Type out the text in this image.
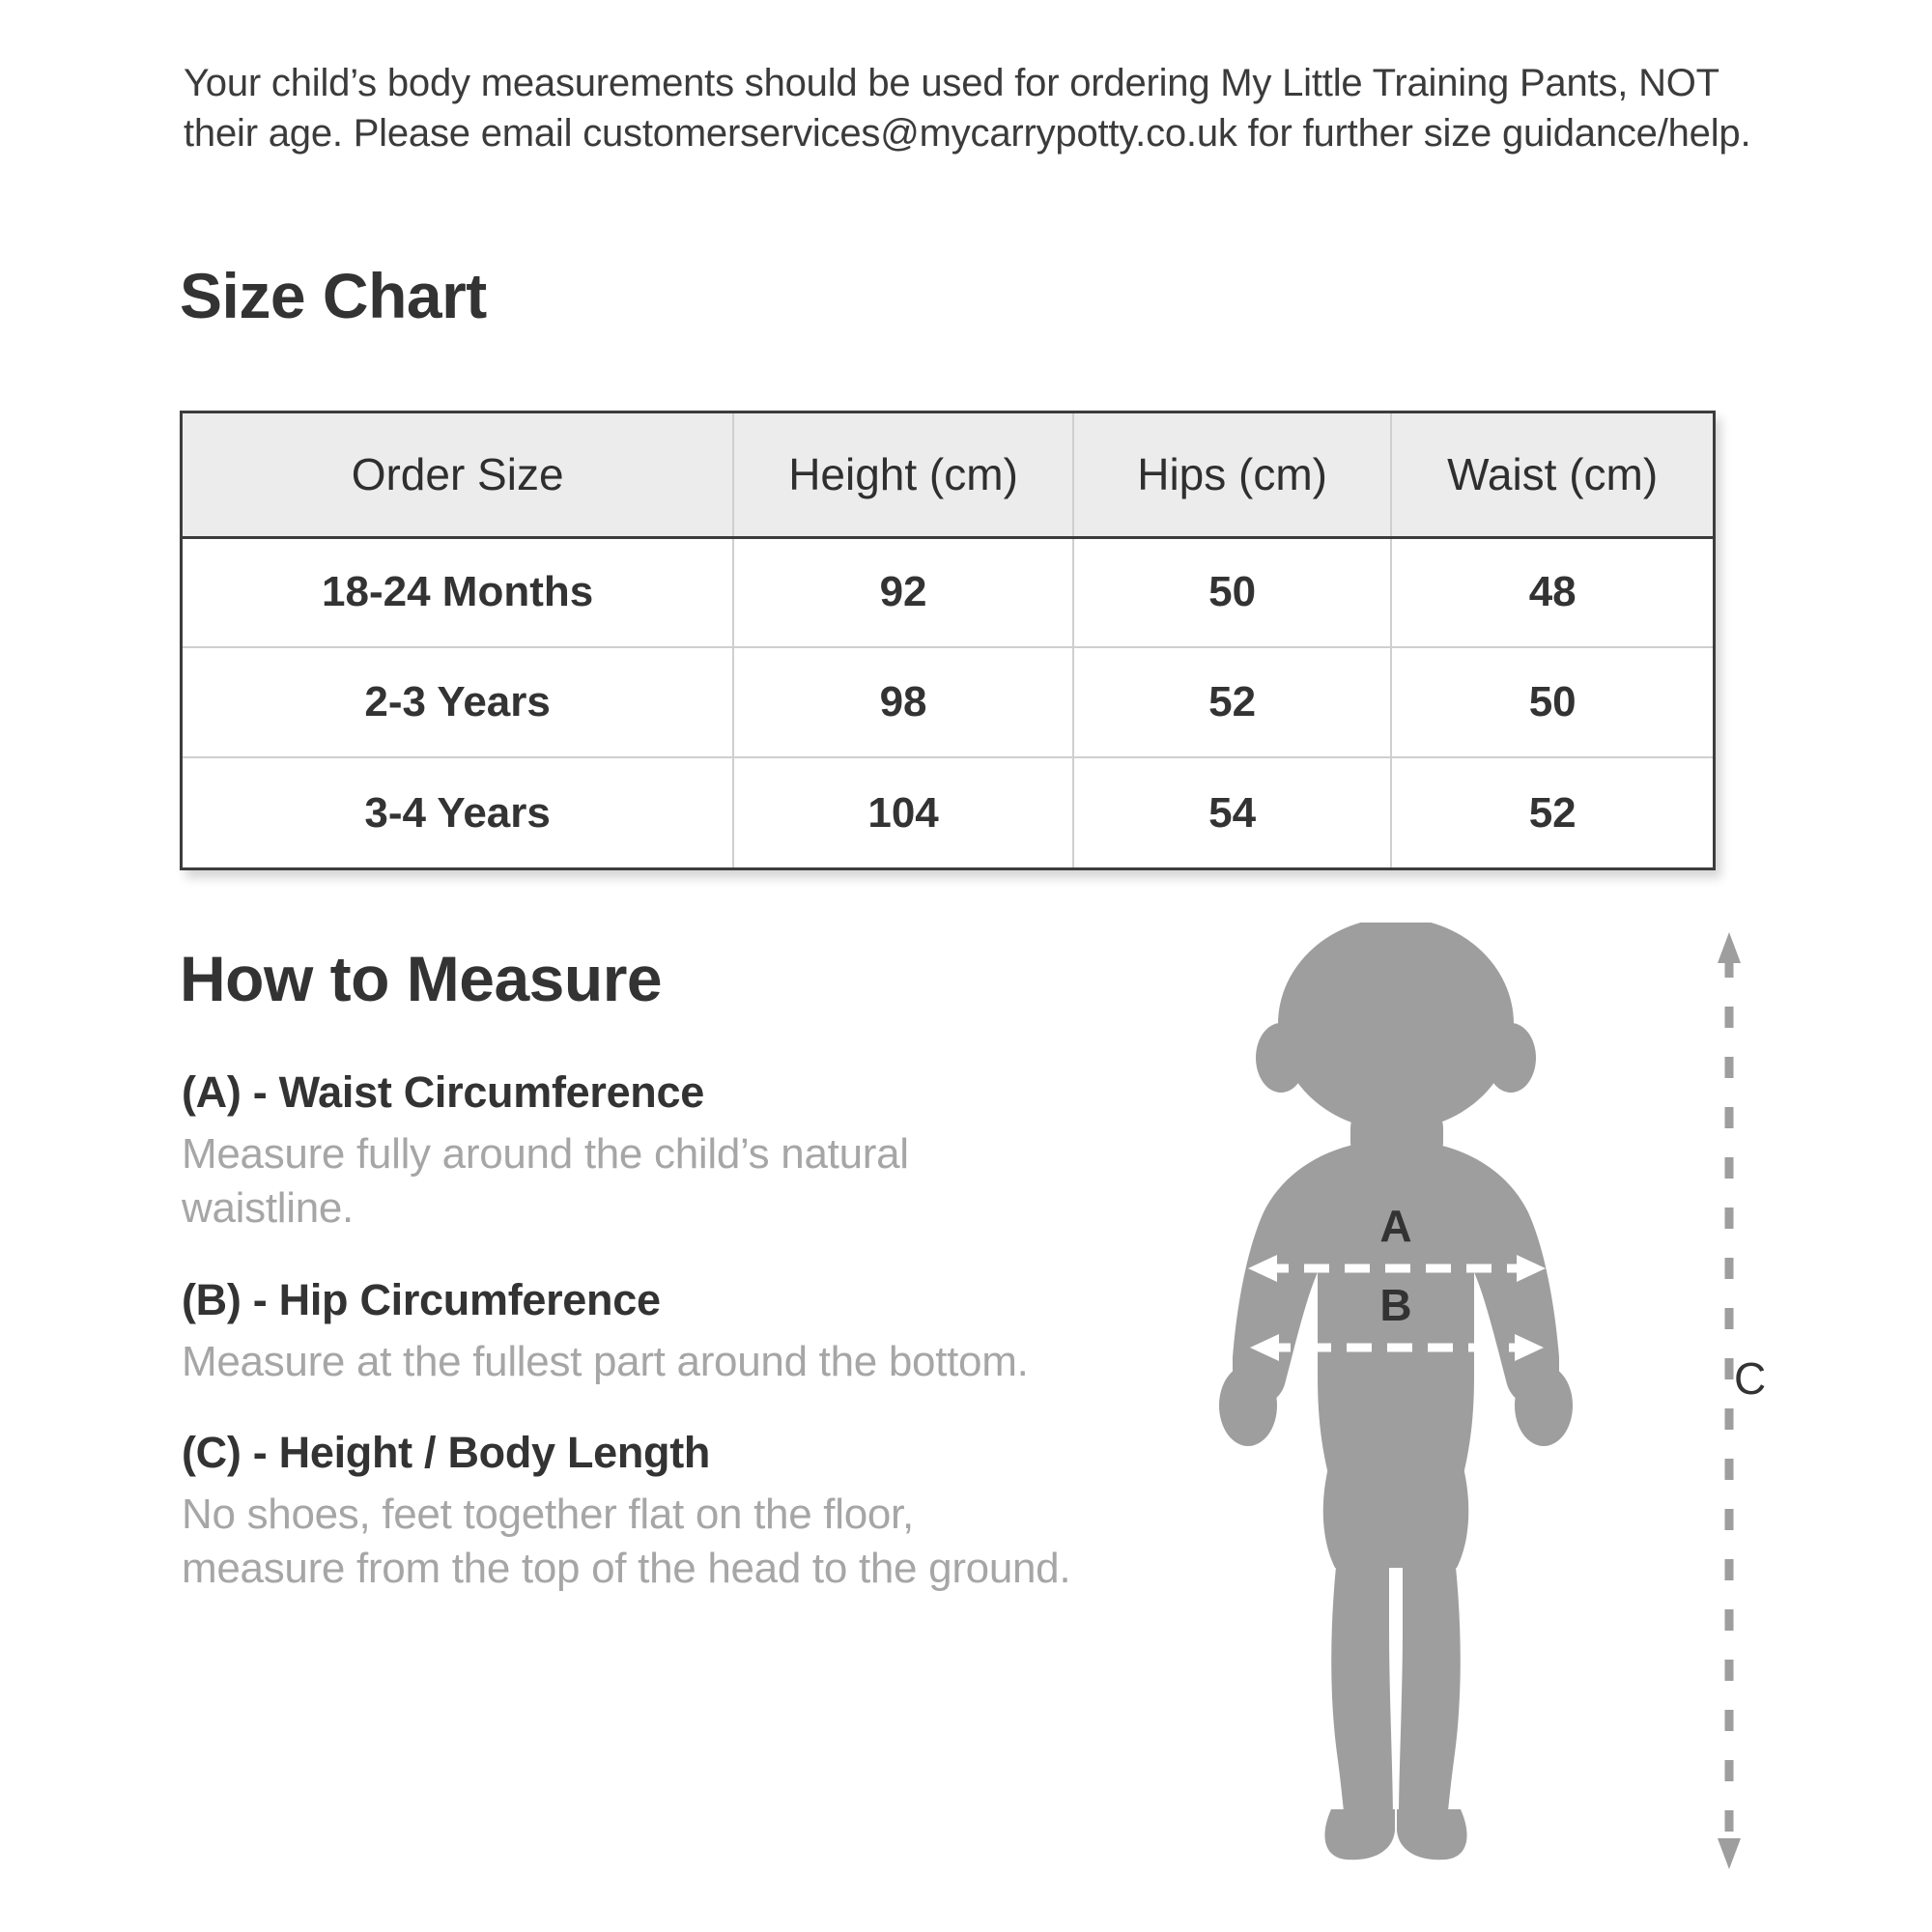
Your child’s body measurements should be used for ordering My Little Training Pants, NOT their age. Please email customerservices@mycarrypotty.co.uk for further size guidance/help.
Size Chart
Order Size	Height (cm)	Hips (cm)	Waist (cm)
18-24 Months	92	50	48
2-3 Years	98	52	50
3-4 Years	104	54	52
How to Measure
(A) - Waist Circumference
Measure fully around the child’s natural waistline.
(B) - Hip Circumference
Measure at the fullest part around the bottom.
(C) - Height / Body Length
No shoes, feet together flat on the floor, measure from the top of the head to the ground.
A
B
C
